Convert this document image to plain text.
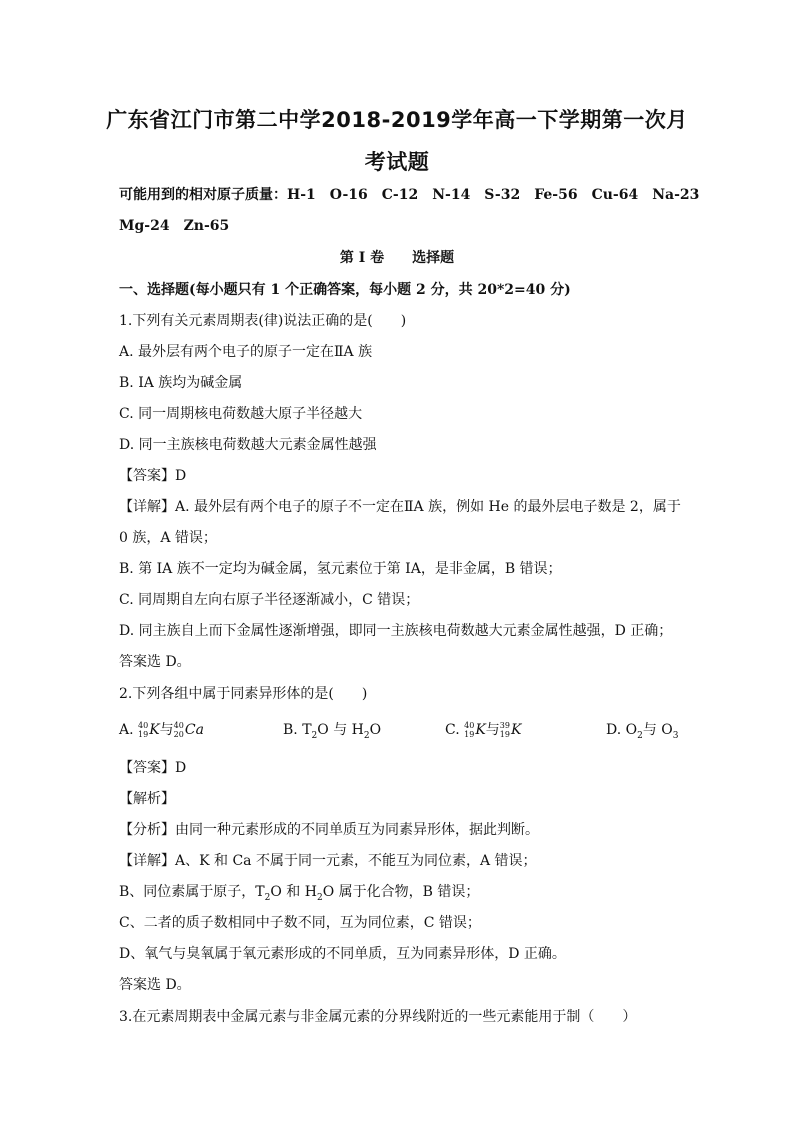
广东省江门市第二中学2018-2019学年高一下学期第一次月
考试题
可能用到的相对原子质量：H-1　O-16　C-12　N-14　S-32　Fe-56　Cu-64　Na-23
Mg-24　Zn-65
第 I 卷　　选择题
一、选择题(每小题只有 1 个正确答案，每小题 2 分，共 20*2=40 分)
1.下列有关元素周期表(律)说法正确的是(　　)
A. 最外层有两个电子的原子一定在ⅡA 族
B. IA 族均为碱金属
C. 同一周期核电荷数越大原子半径越大
D. 同一主族核电荷数越大元素金属性越强
【答案】D
【详解】A. 最外层有两个电子的原子不一定在ⅡA 族，例如 He 的最外层电子数是 2，属于
0 族，A 错误；
B. 第 IA 族不一定均为碱金属，氢元素位于第 IA，是非金属，B 错误；
C. 同周期自左向右原子半径逐渐减小，C 错误；
D. 同主族自上而下金属性逐渐增强，即同一主族核电荷数越大元素金属性越强，D 正确；
答案选 D。
2.下列各组中属于同素异形体的是(　　)
A. 40
19 K与 40
20 Ca	B. $T_2O$ 与 $H_2O$	C. 40
19 K与 39
19 K	D. $O_2$与 $O_3$
【答案】D
【解析】
【分析】由同一种元素形成的不同单质互为同素异形体，据此判断。
【详解】A、K 和 Ca 不属于同一元素，不能互为同位素，A 错误；
B、同位素属于原子，$T_2O$ 和 $H_2O$ 属于化合物，B 错误；
C、二者的质子数相同中子数不同，互为同位素，C 错误；
D、氧气与臭氧属于氧元素形成的不同单质，互为同素异形体，D 正确。
答案选 D。
3.在元素周期表中金属元素与非金属元素的分界线附近的一些元素能用于制（　　）
